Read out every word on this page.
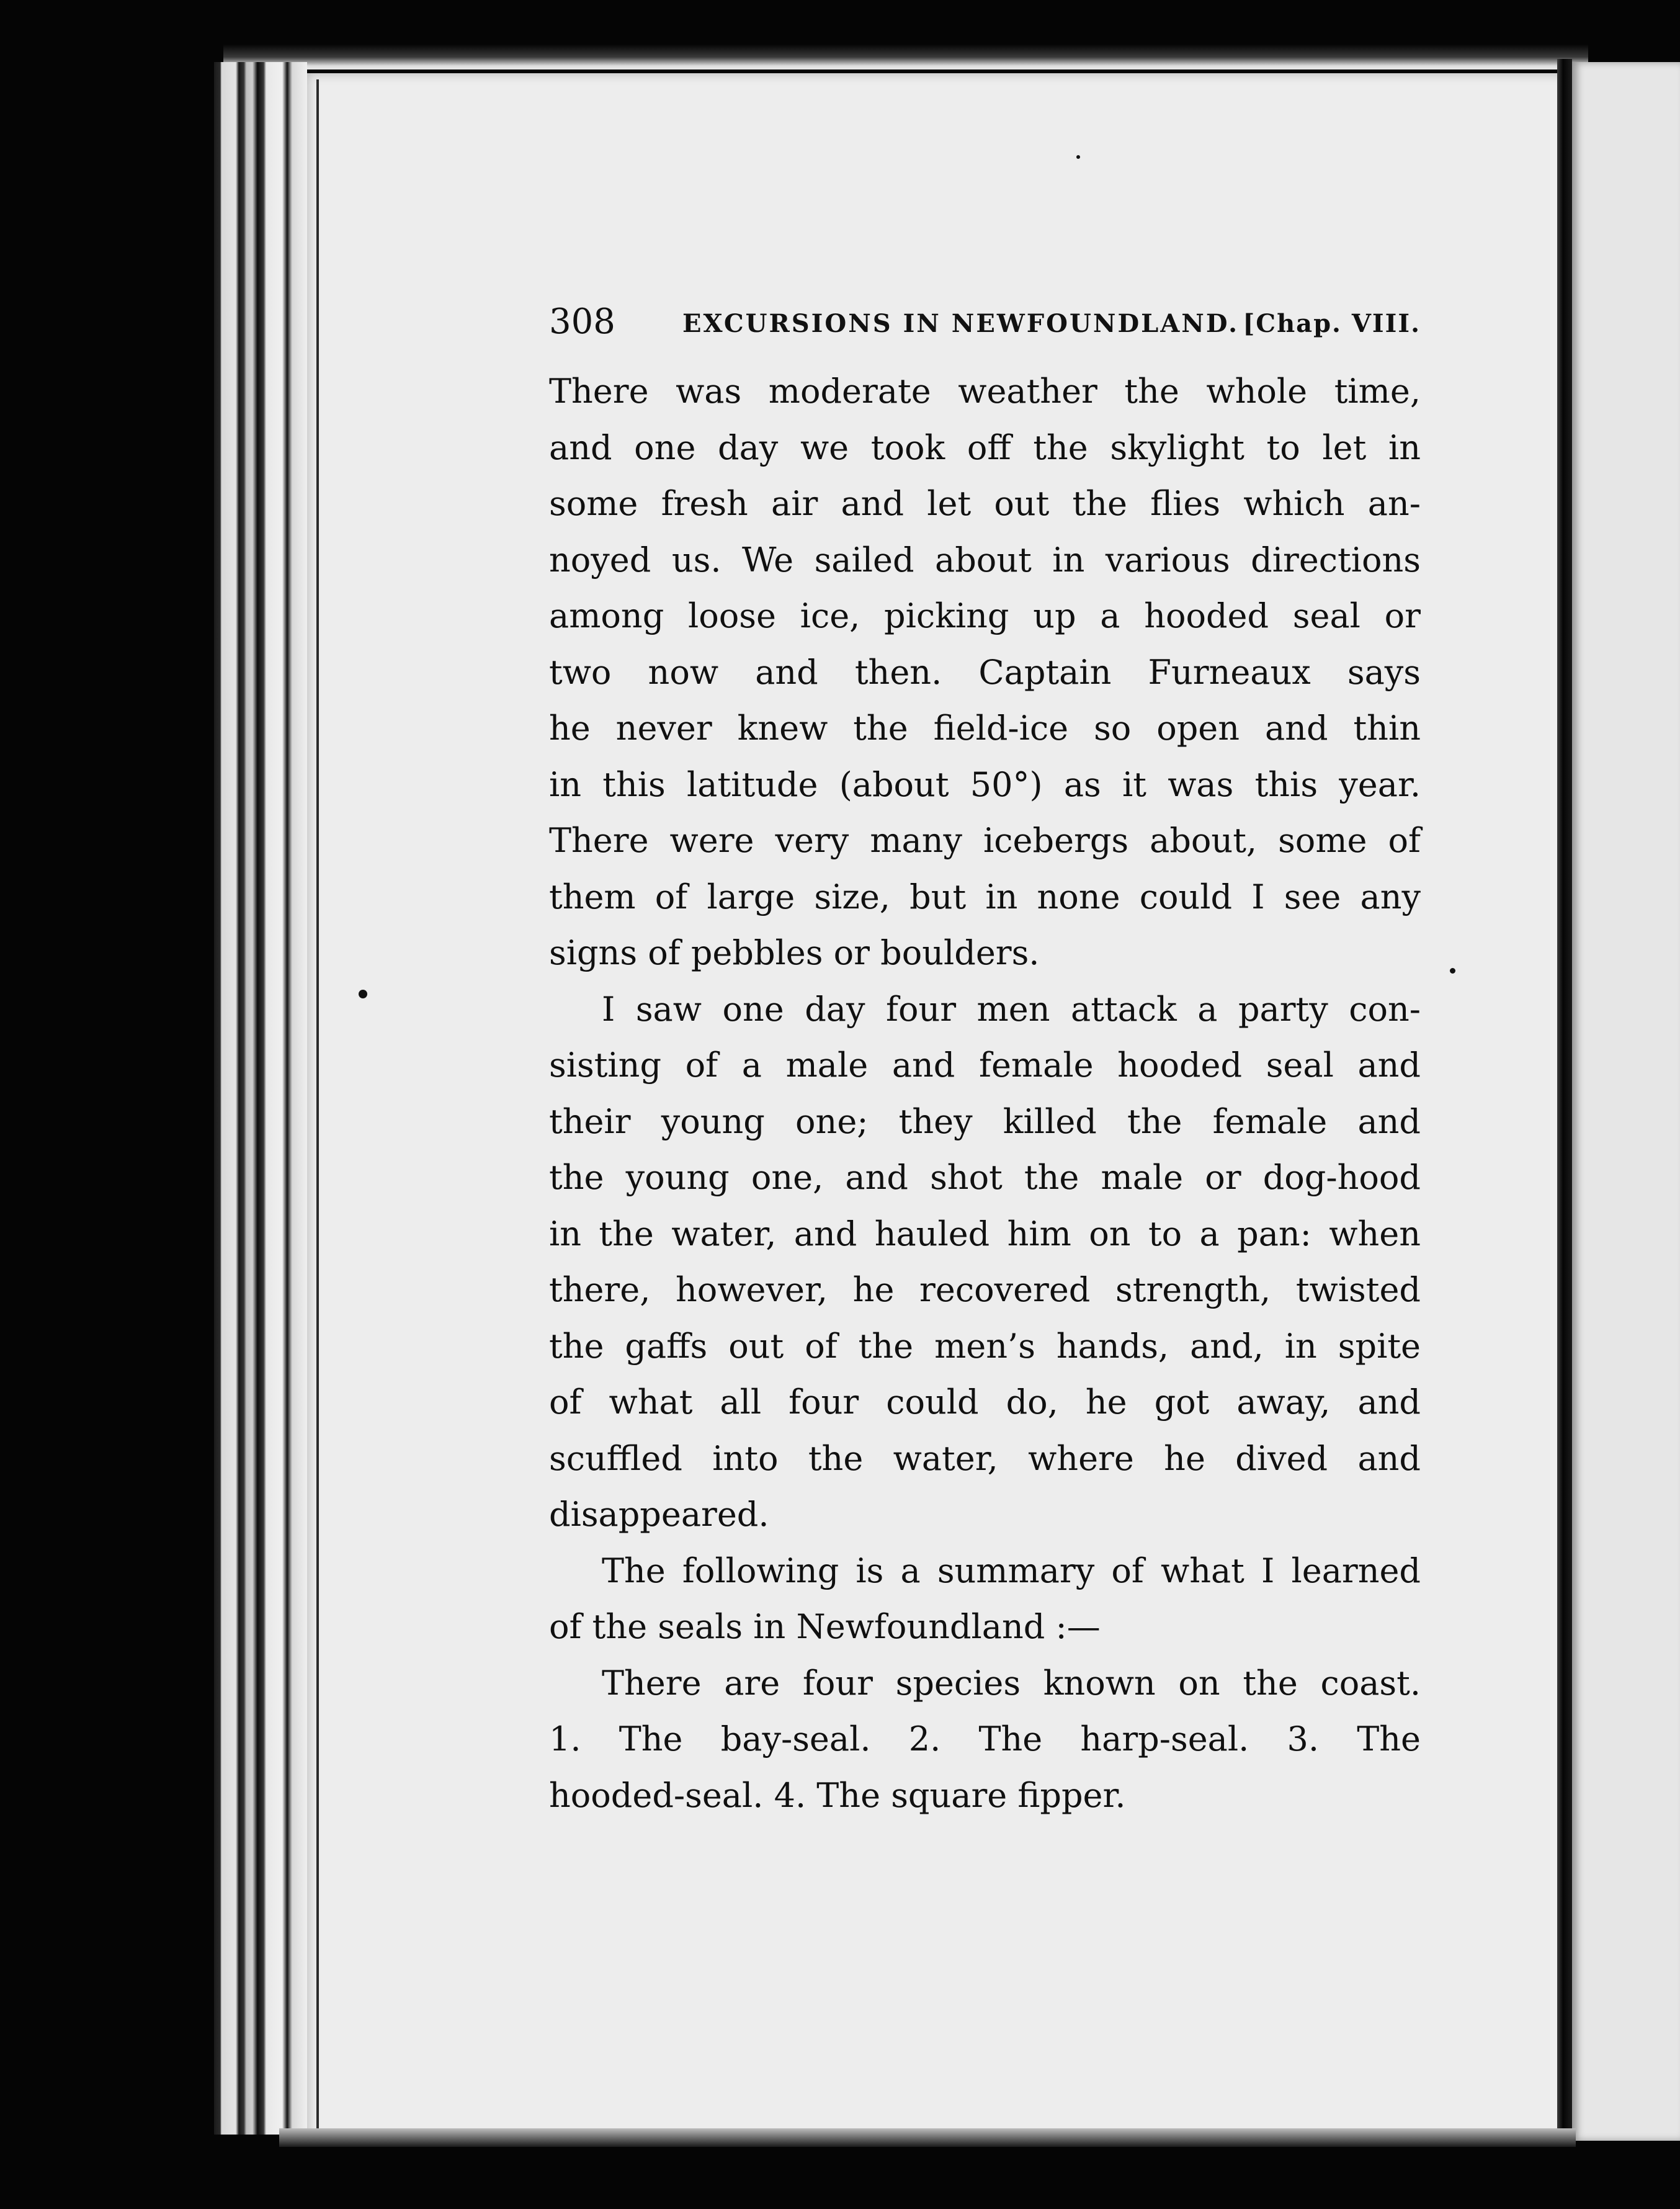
308	EXCURSIONS IN NEWFOUNDLAND. [Chap. VIII.
There was moderate weather the whole time,
and one day we took off the skylight to let in
some fresh air and let out the flies which an-
noyed us. We sailed about in various directions
among loose ice, picking up a hooded seal or
two now and then. Captain Furneaux says
he never knew the field-ice so open and thin
in this latitude (about 50°) as it was this year.
There were very many icebergs about, some of
them of large size, but in none could I see any
signs of pebbles or boulders.
I saw one day four men attack a party con-
sisting of a male and female hooded seal and
their young one; they killed the female and
the young one, and shot the male or dog-hood
in the water, and hauled him on to a pan: when
there, however, he recovered strength, twisted
the gaffs out of the men’s hands, and, in spite
of what all four could do, he got away, and
scuffled into the water, where he dived and
disappeared.
The following is a summary of what I learned
of the seals in Newfoundland :—
There are four species known on the coast.
1. The bay-seal. 2. The harp-seal. 3. The
hooded-seal. 4. The square fipper.
